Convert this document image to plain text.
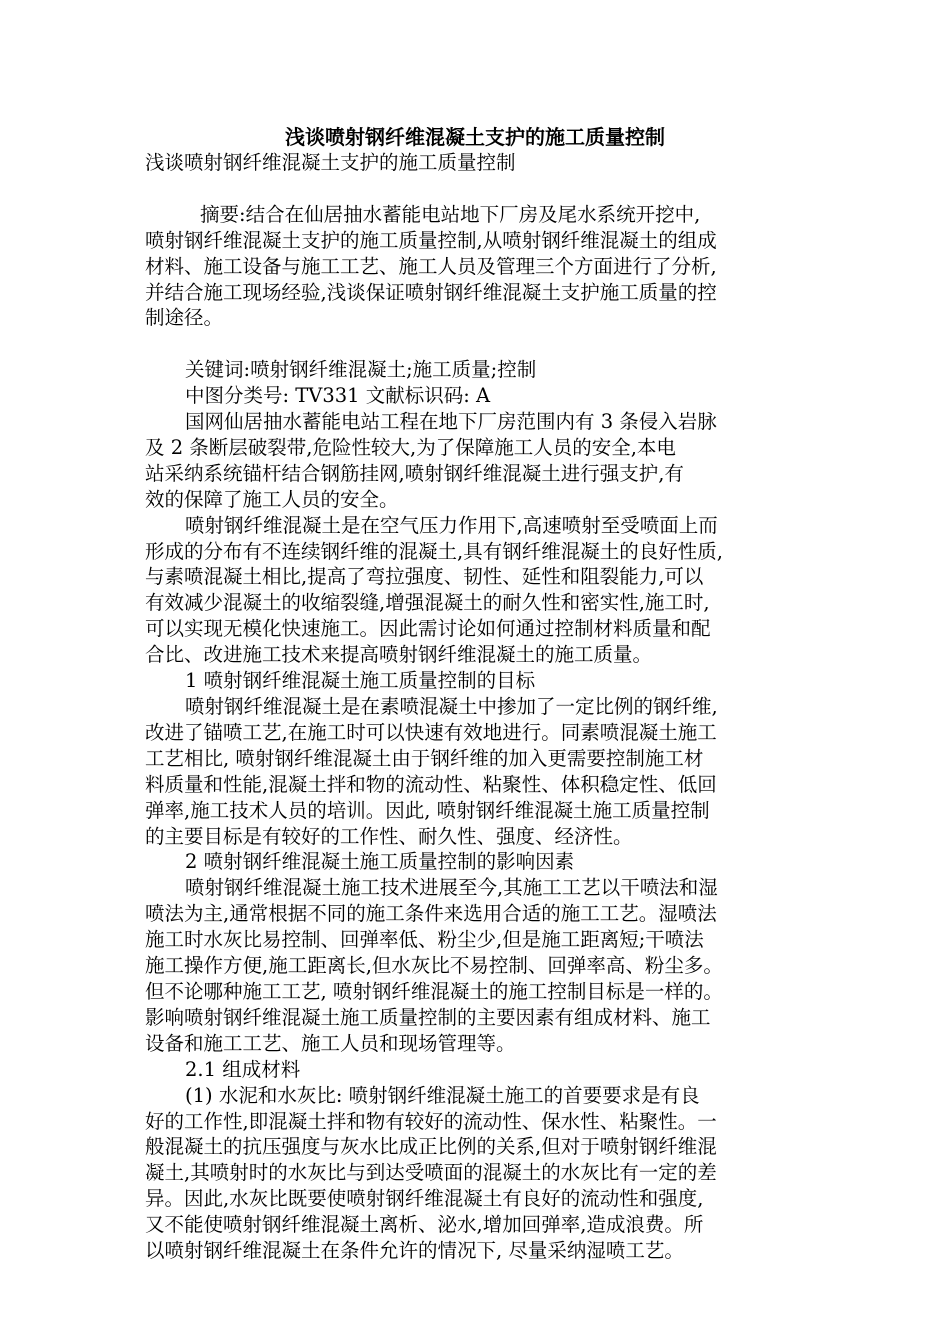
浅谈喷射钢纤维混凝土支护的施工质量控制

浅谈喷射钢纤维混凝土支护的施工质量控制

摘要:结合在仙居抽水蓄能电站地下厂房及尾水系统开挖中,

喷射钢纤维混凝土支护的施工质量控制,从喷射钢纤维混凝土的组成

材料、施工设备与施工工艺、施工人员及管理三个方面进行了分析,

并结合施工现场经验,浅谈保证喷射钢纤维混凝土支护施工质量的控

制途径。

关键词:喷射钢纤维混凝土;施工质量;控制

中图分类号: TV331 文献标识码: A

国网仙居抽水蓄能电站工程在地下厂房范围内有 3 条侵入岩脉

及 2 条断层破裂带,危险性较大,为了保障施工人员的安全,本电

站采纳系统锚杆结合钢筋挂网,喷射钢纤维混凝土进行强支护,有

效的保障了施工人员的安全。

喷射钢纤维混凝土是在空气压力作用下,高速喷射至受喷面上而

形成的分布有不连续钢纤维的混凝土,具有钢纤维混凝土的良好性质,

与素喷混凝土相比,提高了弯拉强度、韧性、延性和阻裂能力,可以

有效减少混凝土的收缩裂缝,增强混凝土的耐久性和密实性,施工时,

可以实现无模化快速施工。因此需讨论如何通过控制材料质量和配

合比、改进施工技术来提高喷射钢纤维混凝土的施工质量。

1 喷射钢纤维混凝土施工质量控制的目标

喷射钢纤维混凝土是在素喷混凝土中掺加了一定比例的钢纤维,

改进了锚喷工艺,在施工时可以快速有效地进行。同素喷混凝土施工

工艺相比, 喷射钢纤维混凝土由于钢纤维的加入更需要控制施工材

料质量和性能,混凝土拌和物的流动性、粘聚性、体积稳定性、低回

弹率,施工技术人员的培训。因此, 喷射钢纤维混凝土施工质量控制

的主要目标是有较好的工作性、耐久性、强度、经济性。

2 喷射钢纤维混凝土施工质量控制的影响因素

喷射钢纤维混凝土施工技术进展至今,其施工工艺以干喷法和湿

喷法为主,通常根据不同的施工条件来选用合适的施工工艺。湿喷法

施工时水灰比易控制、回弹率低、粉尘少,但是施工距离短;干喷法

施工操作方便,施工距离长,但水灰比不易控制、回弹率高、粉尘多。

但不论哪种施工工艺, 喷射钢纤维混凝土的施工控制目标是一样的。

影响喷射钢纤维混凝土施工质量控制的主要因素有组成材料、施工

设备和施工工艺、施工人员和现场管理等。

2.1 组成材料

(1) 水泥和水灰比: 喷射钢纤维混凝土施工的首要要求是有良

好的工作性,即混凝土拌和物有较好的流动性、保水性、粘聚性。一

般混凝土的抗压强度与灰水比成正比例的关系,但对于喷射钢纤维混

凝土,其喷射时的水灰比与到达受喷面的混凝土的水灰比有一定的差

异。因此,水灰比既要使喷射钢纤维混凝土有良好的流动性和强度,

又不能使喷射钢纤维混凝土离析、泌水,增加回弹率,造成浪费。所

以喷射钢纤维混凝土在条件允许的情况下, 尽量采纳湿喷工艺。
